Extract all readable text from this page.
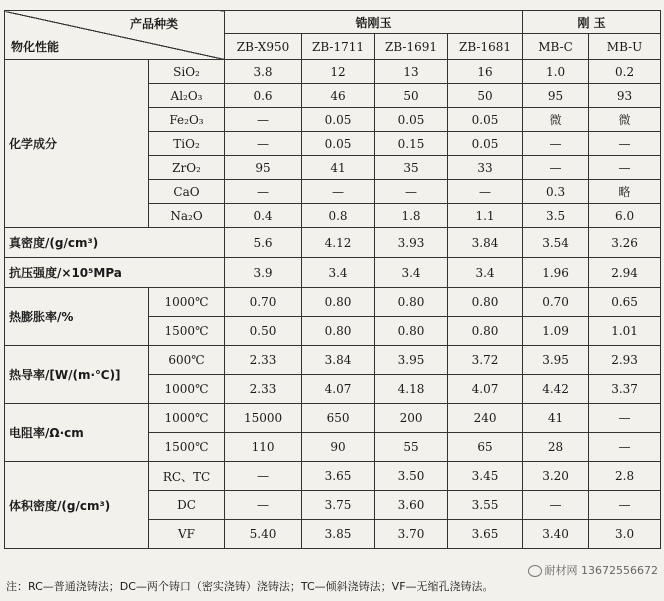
产品种类
物化性能		锆刚玉				刚 玉	
		ZB-X950	ZB-1711	ZB-1691	ZB-1681	MB-C	MB-U
化学成分	SiO₂	3.8	12	13	16	1.0	0.2
	Al₂O₃	0.6	46	50	50	95	93
	Fe₂O₃	—	0.05	0.05	0.05	微	微
	TiO₂	—	0.05	0.15	0.05	—	—
	ZrO₂	95	41	35	33	—	—
	CaO	—	—	—	—	0.3	略
	Na₂O	0.4	0.8	1.8	1.1	3.5	6.0
真密度/(g/cm³)		5.6	4.12	3.93	3.84	3.54	3.26
抗压强度/×10⁵MPa		3.9	3.4	3.4	3.4	1.96	2.94
热膨胀率/%	1000℃	0.70	0.80	0.80	0.80	0.70	0.65
	1500℃	0.50	0.80	0.80	0.80	1.09	1.01
热导率/[W/(m·℃)]	600℃	2.33	3.84	3.95	3.72	3.95	2.93
	1000℃	2.33	4.07	4.18	4.07	4.42	3.37
电阻率/Ω·cm	1000℃	15000	650	200	240	41	—
	1500℃	110	90	55	65	28	—
体积密度/(g/cm³)	RC、TC	—	3.65	3.50	3.45	3.20	2.8
	DC	—	3.75	3.60	3.55	—	—
	VF	5.40	3.85	3.70	3.65	3.40	3.0
耐材网 13672556672
注：RC—普通浇铸法；DC—两个铸口（密实浇铸）浇铸法；TC—倾斜浇铸法；VF—无缩孔浇铸法。
